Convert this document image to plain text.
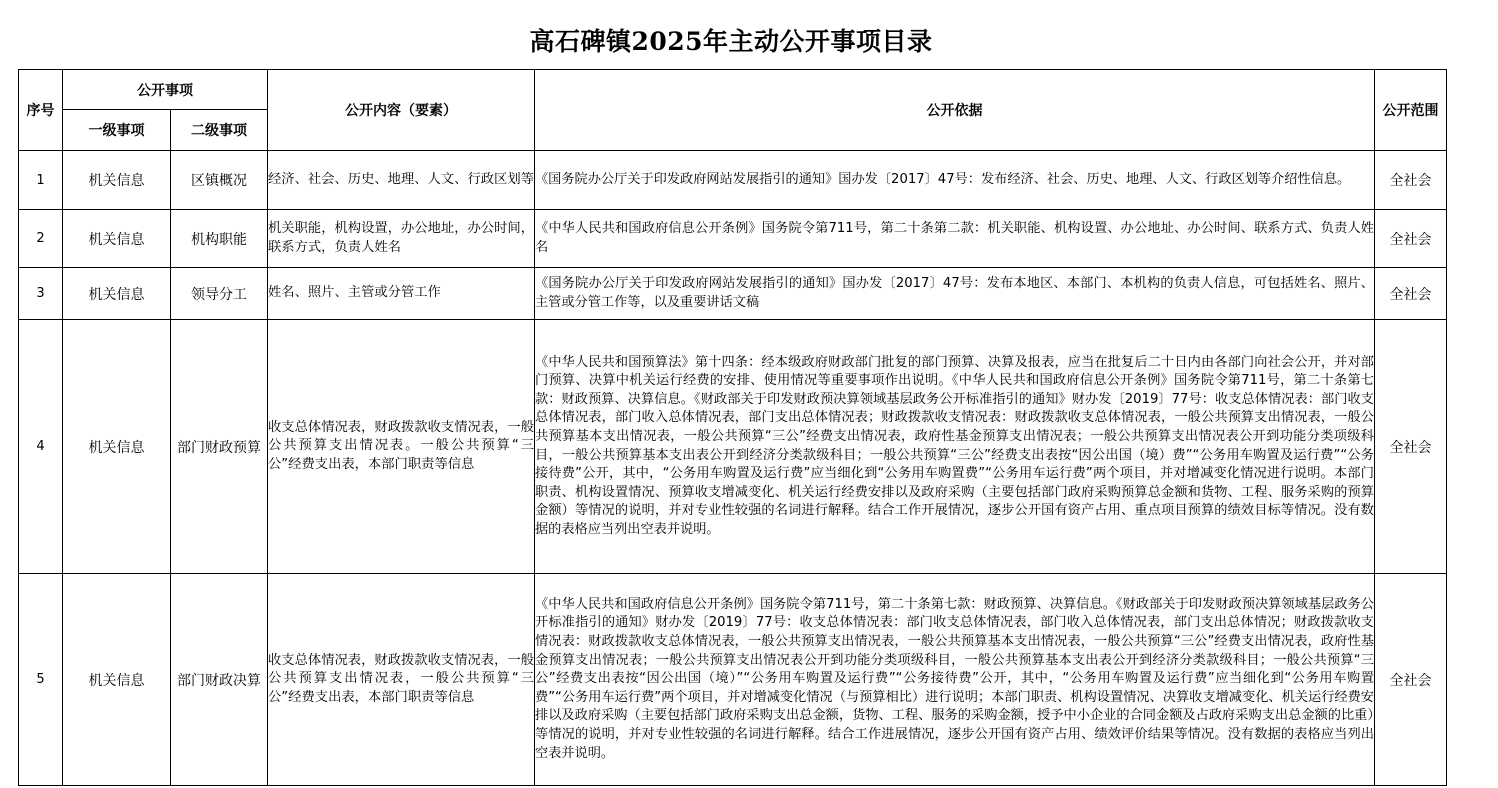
高石碑镇2025年主动公开事项目录
序号	公开事项		公开内容（要素）	公开依据	公开范围
	一级事项	二级事项			
1	机关信息	区镇概况	经济、社会、历史、地理、人文、行政区划等	《国务院办公厅关于印发政府网站发展指引的通知》国办发〔2017〕47号：发布经济、社会、历史、地理、人文、行政区划等介绍性信息。	全社会
2	机关信息	机构职能	机关职能，机构设置，办公地址，办公时间，联系方式，负责人姓名	《中华人民共和国政府信息公开条例》国务院令第711号，第二十条第二款：机关职能、机构设置、办公地址、办公时间、联系方式、负责人姓名	全社会
3	机关信息	领导分工	姓名、照片、主管或分管工作	《国务院办公厅关于印发政府网站发展指引的通知》国办发〔2017〕47号：发布本地区、本部门、本机构的负责人信息，可包括姓名、照片、主管或分管工作等，以及重要讲话文稿	全社会
4	机关信息	部门财政预算	收支总体情况表，财政拨款收支情况表，一般公共预算支出情况表。一般公共预算“三公”经费支出表，本部门职责等信息	《中华人民共和国预算法》第十四条：经本级政府财政部门批复的部门预算、决算及报表，应当在批复后二十日内由各部门向社会公开，并对部门预算、决算中机关运行经费的安排、使用情况等重要事项作出说明。《中华人民共和国政府信息公开条例》国务院令第711号，第二十条第七款：财政预算、决算信息。《财政部关于印发财政预决算领域基层政务公开标准指引的通知》财办发〔2019〕77号：收支总体情况表：部门收支总体情况表，部门收入总体情况表，部门支出总体情况表；财政拨款收支情况表：财政拨款收支总体情况表，一般公共预算支出情况表，一般公共预算基本支出情况表，一般公共预算“三公”经费支出情况表，政府性基金预算支出情况表；一般公共预算支出情况表公开到功能分类项级科目，一般公共预算基本支出表公开到经济分类款级科目；一般公共预算“三公”经费支出表按“因公出国（境）费”“公务用车购置及运行费”“公务接待费”公开，其中，“公务用车购置及运行费”应当细化到“公务用车购置费”“公务用车运行费”两个项目，并对增减变化情况进行说明。本部门职责、机构设置情况、预算收支增减变化、机关运行经费安排以及政府采购（主要包括部门政府采购预算总金额和货物、工程、服务采购的预算金额）等情况的说明，并对专业性较强的名词进行解释。结合工作开展情况，逐步公开国有资产占用、重点项目预算的绩效目标等情况。没有数据的表格应当列出空表并说明。	全社会
5	机关信息	部门财政决算	收支总体情况表，财政拨款收支情况表，一般公共预算支出情况表，一般公共预算“三公”经费支出表，本部门职责等信息	《中华人民共和国政府信息公开条例》国务院令第711号，第二十条第七款：财政预算、决算信息。《财政部关于印发财政预决算领域基层政务公开标准指引的通知》财办发〔2019〕77号：收支总体情况表：部门收支总体情况表，部门收入总体情况表，部门支出总体情况；财政拨款收支情况表：财政拨款收支总体情况表，一般公共预算支出情况表，一般公共预算基本支出情况表，一般公共预算“三公”经费支出情况表，政府性基金预算支出情况表；一般公共预算支出情况表公开到功能分类项级科目，一般公共预算基本支出表公开到经济分类款级科目；一般公共预算“三公”经费支出表按“因公出国（境）”“公务用车购置及运行费”“公务接待费”公开，其中，“公务用车购置及运行费”应当细化到“公务用车购置费”“公务用车运行费”两个项目，并对增减变化情况（与预算相比）进行说明；本部门职责、机构设置情况、决算收支增减变化、机关运行经费安排以及政府采购（主要包括部门政府采购支出总金额，货物、工程、服务的采购金额，授予中小企业的合同金额及占政府采购支出总金额的比重）等情况的说明，并对专业性较强的名词进行解释。结合工作进展情况，逐步公开国有资产占用、绩效评价结果等情况。没有数据的表格应当列出空表并说明。	全社会
